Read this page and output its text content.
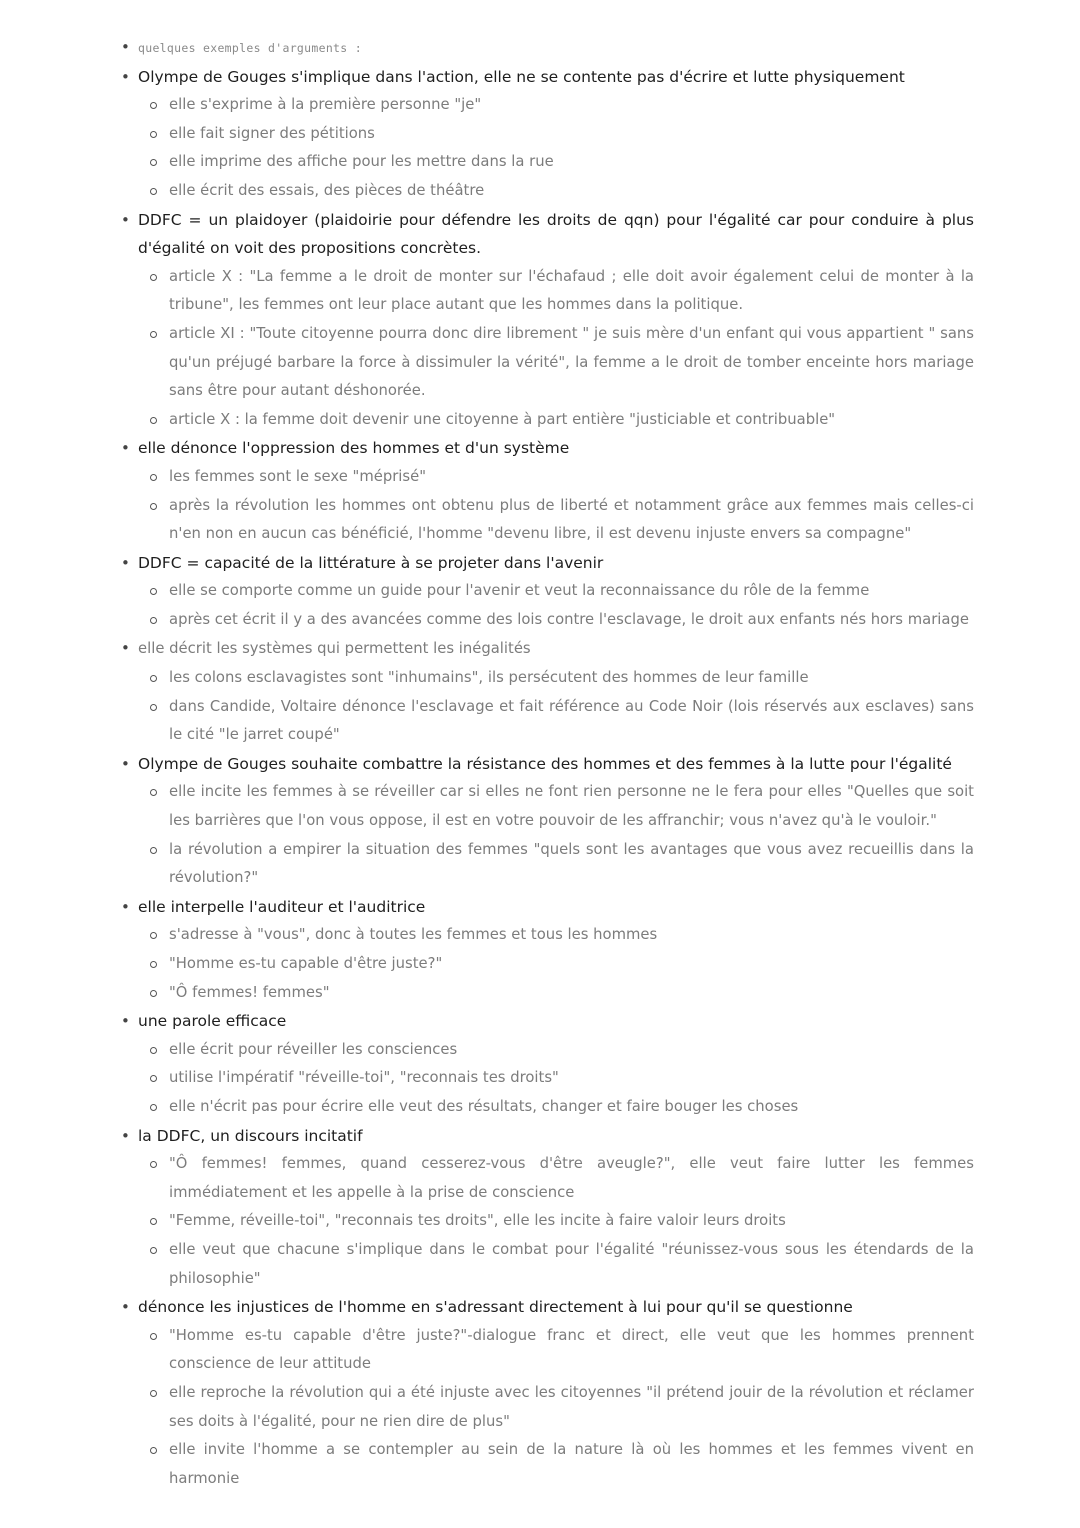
• quelques exemples d'arguments :
• Olympe de Gouges s'implique dans l'action, elle ne se contente pas d'écrire et lutte physiquement
elle s'exprime à la première personne "je"
elle fait signer des pétitions
elle imprime des affiche pour les mettre dans la rue
elle écrit des essais, des pièces de théâtre
• DDFC = un plaidoyer (plaidoirie pour défendre les droits de qqn) pour l'égalité car pour conduire à plus d'égalité on voit des propositions concrètes.
article X : "La femme a le droit de monter sur l'échafaud ; elle doit avoir également celui de monter à la tribune", les femmes ont leur place autant que les hommes dans la politique.
article XI : "Toute citoyenne pourra donc dire librement " je suis mère d'un enfant qui vous appartient " sans qu'un préjugé barbare la force à dissimuler la vérité", la femme a le droit de tomber enceinte hors mariage sans être pour autant déshonorée.
article X : la femme doit devenir une citoyenne à part entière "justiciable et contribuable"
• elle dénonce l'oppression des hommes et d'un système
les femmes sont le sexe "méprisé"
après la révolution les hommes ont obtenu plus de liberté et notamment grâce aux femmes mais celles-ci n'en non en aucun cas bénéficié, l'homme "devenu libre, il est devenu injuste envers sa compagne"
• DDFC = capacité de la littérature à se projeter dans l'avenir
elle se comporte comme un guide pour l'avenir et veut la reconnaissance du rôle de la femme
après cet écrit il y a des avancées comme des lois contre l'esclavage, le droit aux enfants nés hors mariage
• elle décrit les systèmes qui permettent les inégalités
les colons esclavagistes sont "inhumains", ils persécutent des hommes de leur famille
dans Candide, Voltaire dénonce l'esclavage et fait référence au Code Noir (lois réservés aux esclaves) sans le cité "le jarret coupé"
• Olympe de Gouges souhaite combattre la résistance des hommes et des femmes à la lutte pour l'égalité
elle incite les femmes à se réveiller car si elles ne font rien personne ne le fera pour elles "Quelles que soit les barrières que l'on vous oppose, il est en votre pouvoir de les affranchir; vous n'avez qu'à le vouloir."
la révolution a empirer la situation des femmes "quels sont les avantages que vous avez recueillis dans la révolution?"
• elle interpelle l'auditeur et l'auditrice
s'adresse à "vous", donc à toutes les femmes et tous les hommes
"Homme es-tu capable d'être juste?"
"Ô femmes! femmes"
• une parole efficace
elle écrit pour réveiller les consciences
utilise l'impératif "réveille-toi", "reconnais tes droits"
elle n'écrit pas pour écrire elle veut des résultats, changer et faire bouger les choses
• la DDFC, un discours incitatif
"Ô femmes! femmes, quand cesserez-vous d'être aveugle?", elle veut faire lutter les femmes immédiatement et les appelle à la prise de conscience
"Femme, réveille-toi", "reconnais tes droits", elle les incite à faire valoir leurs droits
elle veut que chacune s'implique dans le combat pour l'égalité "réunissez-vous sous les étendards de la philosophie"
• dénonce les injustices de l'homme en s'adressant directement à lui pour qu'il se questionne
"Homme es-tu capable d'être juste?"-dialogue franc et direct, elle veut que les hommes prennent conscience de leur attitude
elle reproche la révolution qui a été injuste avec les citoyennes "il prétend jouir de la révolution et réclamer ses doits à l'égalité, pour ne rien dire de plus"
elle invite l'homme a se contempler au sein de la nature là où les hommes et les femmes vivent en harmonie
